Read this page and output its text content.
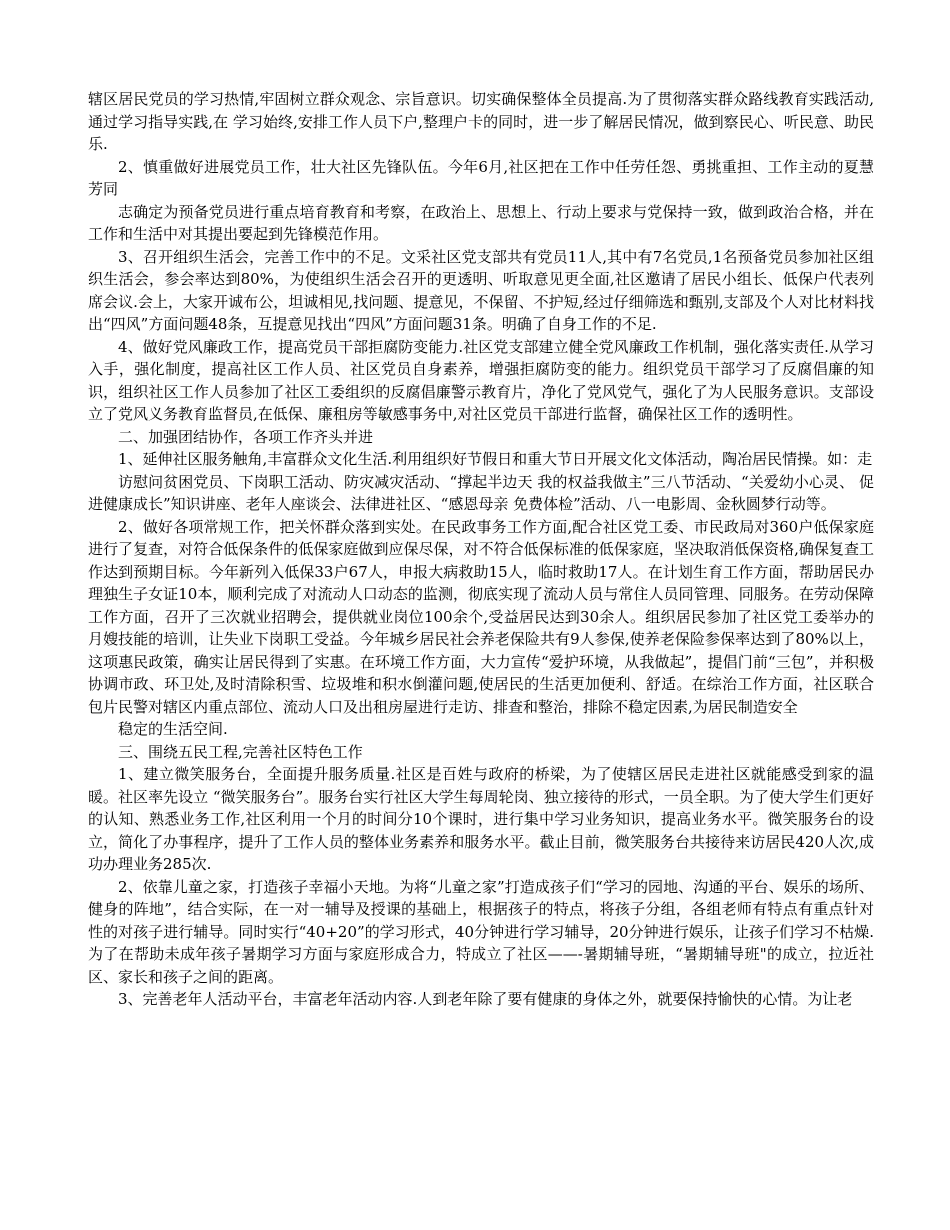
辖区居民党员的学习热情,牢固树立群众观念、宗旨意识。切实确保整体全员提高.为了贯彻落实群众路线教育实践活动,通过学习指导实践,在 学习始终,安排工作人员下户,整理户卡的同时，进一步了解居民情况，做到察民心、听民意、助民乐.

2、慎重做好进展党员工作，壮大社区先锋队伍。今年6月,社区把在工作中任劳任怨、勇挑重担、工作主动的夏慧芳同

志确定为预备党员进行重点培育教育和考察，在政治上、思想上、行动上要求与党保持一致，做到政治合格，并在工作和生活中对其提出要起到先锋模范作用。

3、召开组织生活会，完善工作中的不足。文采社区党支部共有党员11人,其中有7名党员,1名预备党员参加社区组织生活会，参会率达到80%，为使组织生活会召开的更透明、听取意见更全面,社区邀请了居民小组长、低保户代表列席会议.会上，大家开诚布公，坦诚相见,找问题、提意见，不保留、不护短,经过仔细筛选和甄别,支部及个人对比材料找出“四风”方面问题48条，互提意见找出“四风”方面问题31条。明确了自身工作的不足.

4、做好党风廉政工作，提高党员干部拒腐防变能力.社区党支部建立健全党风廉政工作机制，强化落实责任.从学习入手，强化制度，提高社区工作人员、社区党员自身素养，增强拒腐防变的能力。组织党员干部学习了反腐倡廉的知识，组织社区工作人员参加了社区工委组织的反腐倡廉警示教育片，净化了党风党气，强化了为人民服务意识。支部设立了党风义务教育监督员,在低保、廉租房等敏感事务中,对社区党员干部进行监督，确保社区工作的透明性。

二、加强团结协作，各项工作齐头并进

1、延伸社区服务触角,丰富群众文化生活.利用组织好节假日和重大节日开展文化文体活动，陶冶居民情操。如：走

访慰问贫困党员、下岗职工活动、防灾减灾活动、“撑起半边天 我的权益我做主”三八节活动、“关爱幼小心灵、 促进健康成长”知识讲座、老年人座谈会、法律进社区、“感恩母亲 免费体检”活动、八一电影周、金秋圆梦行动等。

2、做好各项常规工作，把关怀群众落到实处。在民政事务工作方面,配合社区党工委、市民政局对360户低保家庭进行了复查，对符合低保条件的低保家庭做到应保尽保，对不符合低保标准的低保家庭，坚决取消低保资格,确保复查工作达到预期目标。今年新列入低保33户67人，申报大病救助15人，临时救助17人。在计划生育工作方面，帮助居民办理独生子女证10本，顺利完成了对流动人口动态的监测，彻底实现了流动人员与常住人员同管理、同服务。在劳动保障工作方面，召开了三次就业招聘会，提供就业岗位100余个,受益居民达到30余人。组织居民参加了社区党工委举办的月嫂技能的培训，让失业下岗职工受益。今年城乡居民社会养老保险共有9人参保,使养老保险参保率达到了80%以上，这项惠民政策，确实让居民得到了实惠。在环境工作方面，大力宣传“爱护环境，从我做起”，提倡门前“三包”，并积极协调市政、环卫处,及时清除积雪、垃圾堆和积水倒灌问题,使居民的生活更加便利、舒适。在综治工作方面，社区联合包片民警对辖区内重点部位、流动人口及出租房屋进行走访、排查和整治，排除不稳定因素,为居民制造安全

稳定的生活空间.

三、围绕五民工程,完善社区特色工作

1、建立微笑服务台，全面提升服务质量.社区是百姓与政府的桥梁，为了使辖区居民走进社区就能感受到家的温暖。社区率先设立 “微笑服务台”。服务台实行社区大学生每周轮岗、独立接待的形式，一员全职。为了使大学生们更好的认知、熟悉业务工作,社区利用一个月的时间分10个课时，进行集中学习业务知识，提高业务水平。微笑服务台的设立，简化了办事程序，提升了工作人员的整体业务素养和服务水平。截止目前，微笑服务台共接待来访居民420人次,成功办理业务285次.

2、依靠儿童之家，打造孩子幸福小天地。为将“儿童之家”打造成孩子们“学习的园地、沟通的平台、娱乐的场所、健身的阵地”，结合实际，在一对一辅导及授课的基础上，根据孩子的特点，将孩子分组，各组老师有特点有重点针对性的对孩子进行辅导。同时实行“40+20”的学习形式，40分钟进行学习辅导，20分钟进行娱乐，让孩子们学习不枯燥.为了在帮助未成年孩子暑期学习方面与家庭形成合力，特成立了社区——-暑期辅导班，“暑期辅导班"的成立，拉近社区、家长和孩子之间的距离。

3、完善老年人活动平台，丰富老年活动内容.人到老年除了要有健康的身体之外，就要保持愉快的心情。为让老
